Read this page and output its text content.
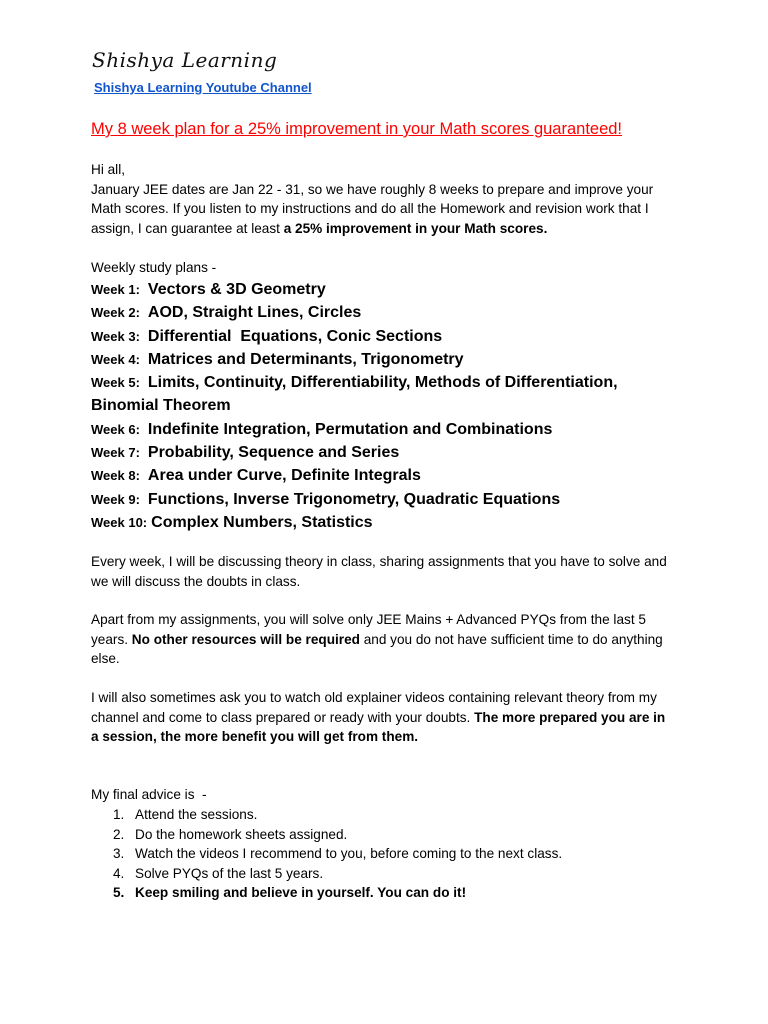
Shishya Learning
Shishya Learning Youtube Channel
My 8 week plan for a 25% improvement in your Math scores guaranteed!
Hi all,
January JEE dates are Jan 22 - 31, so we have roughly 8 weeks to prepare and improve your
Math scores. If you listen to my instructions and do all the Homework and revision work that I
assign, I can guarantee at least a 25% improvement in your Math scores.
Weekly study plans -
Week 1: Vectors & 3D Geometry
Week 2: AOD, Straight Lines, Circles
Week 3: Differential  Equations, Conic Sections
Week 4: Matrices and Determinants, Trigonometry
Week 5: Limits, Continuity, Differentiability, Methods of Differentiation,
Binomial Theorem
Week 6: Indefinite Integration, Permutation and Combinations
Week 7: Probability, Sequence and Series
Week 8: Area under Curve, Definite Integrals
Week 9: Functions, Inverse Trigonometry, Quadratic Equations
Week 10: Complex Numbers, Statistics
Every week, I will be discussing theory in class, sharing assignments that you have to solve and
we will discuss the doubts in class.
Apart from my assignments, you will solve only JEE Mains + Advanced PYQs from the last 5
years. No other resources will be required and you do not have sufficient time to do anything
else.
I will also sometimes ask you to watch old explainer videos containing relevant theory from my
channel and come to class prepared or ready with your doubts. The more prepared you are in
a session, the more benefit you will get from them.
My final advice is  -
1. Attend the sessions.
2. Do the homework sheets assigned.
3. Watch the videos I recommend to you, before coming to the next class.
4. Solve PYQs of the last 5 years.
5. Keep smiling and believe in yourself. You can do it!
